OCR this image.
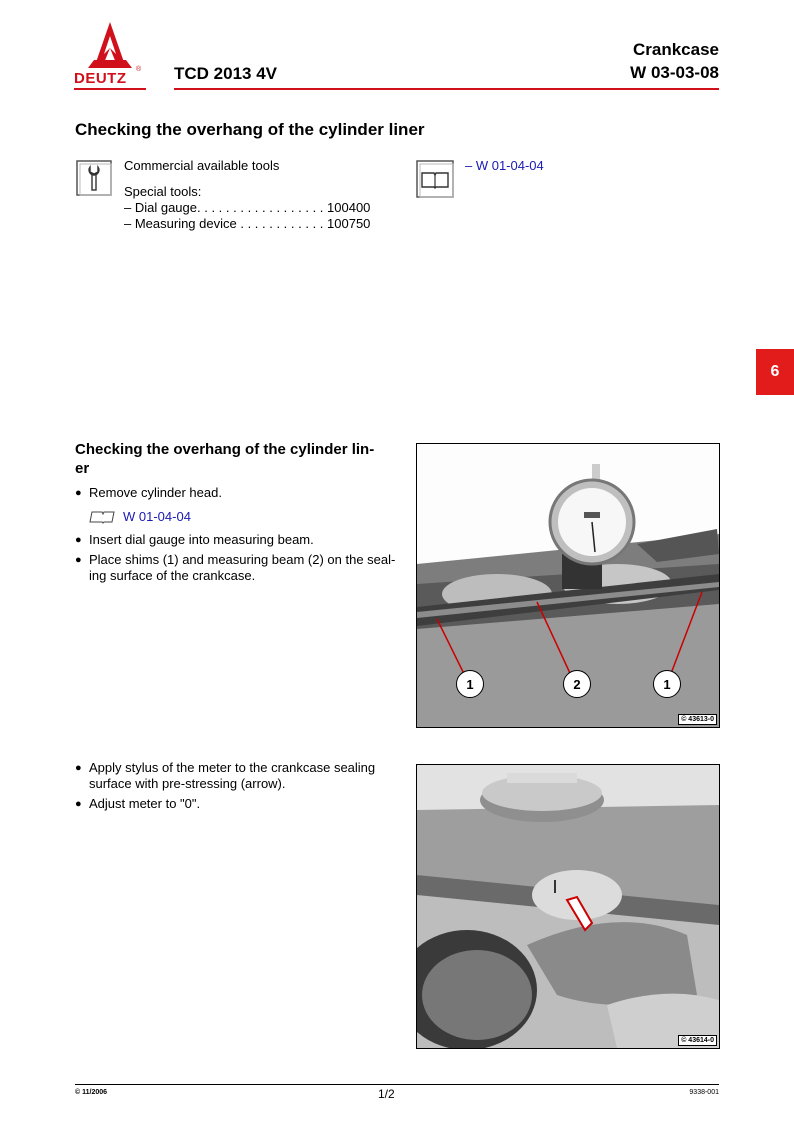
DEUTZ
® TCD 2013 4V
Crankcase
W 03-03-08
Checking the overhang of the cylinder liner
Commercial available tools
Special tools:
– Dial gauge. . . . . . . . . . . . . . . . . . 100400
– Measuring device . . . . . . . . . . . . 100750
– W 01-04-04
6
Checking the overhang of the cylinder lin-
er
● Remove cylinder head.
W 01-04-04
● Insert dial gauge into measuring beam.
● Place shims (1) and measuring beam (2) on the seal-
ing surface of the crankcase.
● Apply stylus of the meter to the crankcase sealing
surface with pre-stressing (arrow).
● Adjust meter to "0".
1	2	1
© 43613-0
© 43614-0
© 11/2006	1/2	9338-001
